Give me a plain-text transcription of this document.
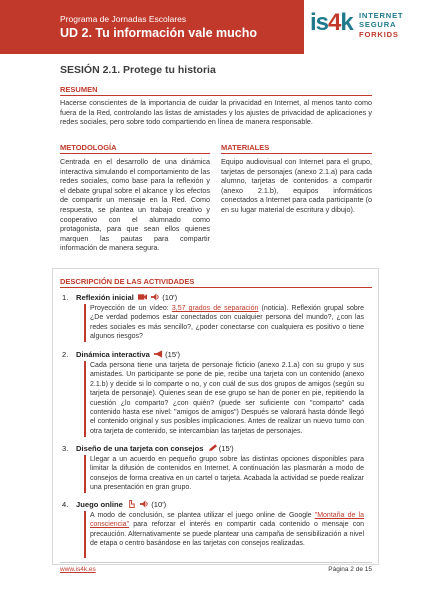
Programa de Jornadas Escolares
UD 2. Tu información vale mucho is4k INTERNET
SEGURA
FORKIDS
SESIÓN 2.1. Protege tu historia
RESUMEN
Hacerse conscientes de la importancia de cuidar la privacidad en Internet, al menos tanto como fuera de la Red, controlando las listas de amistades y los ajustes de privacidad de aplicaciones y redes sociales, pero sobre todo compartiendo en línea de manera responsable.
METODOLOGÍA
Centrada en el desarrollo de una dinámica interactiva simulando el comportamiento de las redes sociales, como base para la reflexión y el debate grupal sobre el alcance y los efectos de compartir un mensaje en la Red. Como respuesta, se plantea un trabajo creativo y cooperativo con el alumnado como protagonista, para que sean ellos quienes marquen las pautas para compartir información de manera segura.
MATERIALES
Equipo audiovisual con Internet para el grupo, tarjetas de personajes (anexo 2.1.a) para cada alumno, tarjetas de contenidos a compartir (anexo 2.1.b), equipos informáticos conectados a Internet para cada participante (o en su lugar material de escritura y dibujo).
DESCRIPCIÓN DE LAS ACTIVIDADES
1. Reflexión inicial	(10')
Proyección de un vídeo: 3,57 grados de separación (noticia). Reflexión grupal sobre ¿De verdad podemos estar conectados con cualquier persona del mundo?, ¿con las redes sociales es más sencillo?, ¿poder conectarse con cualquiera es positivo o tiene algunos riesgos?
2. Dinámica interactiva (15')
Cada persona tiene una tarjeta de personaje ficticio (anexo 2.1.a) con su grupo y sus amistades. Un participante se pone de pie, recibe una tarjeta con un contenido (anexo 2.1.b) y decide si lo comparte o no, y con cuál de sus dos grupos de amigos (según su tarjeta de personaje). Quienes sean de ese grupo se han de poner en pie, repitiendo la cuestión ¿lo comparto? ¿con quién? (puede ser suficiente con "comparto" cada contenido hasta ese nivel: "amigos de amigos") Después se valorará hasta dónde llegó el contenido original y sus posibles implicaciones. Antes de realizar un nuevo turno con otra tarjeta de contenido, se intercambian las tarjetas de personajes.
3. Diseño de una tarjeta con consejos (15')
Llegar a un acuerdo en pequeño grupo sobre las distintas opciones disponibles para limitar la difusión de contenidos en Internet. A continuación las plasmarán a modo de consejos de forma creativa en un cartel o tarjeta. Acabada la actividad se puede realizar una presentación en gran grupo.
4. Juego online	(10')
A modo de conclusión, se plantea utilizar el juego online de Google "Montaña de la consciencia" para reforzar el interés en compartir cada contenido o mensaje con precaución. Alternativamente se puede plantear una campaña de sensibilización a nivel de etapa o centro basándose en las tarjetas con consejos realizadas.
www.is4k.es	Página 2 de 15
